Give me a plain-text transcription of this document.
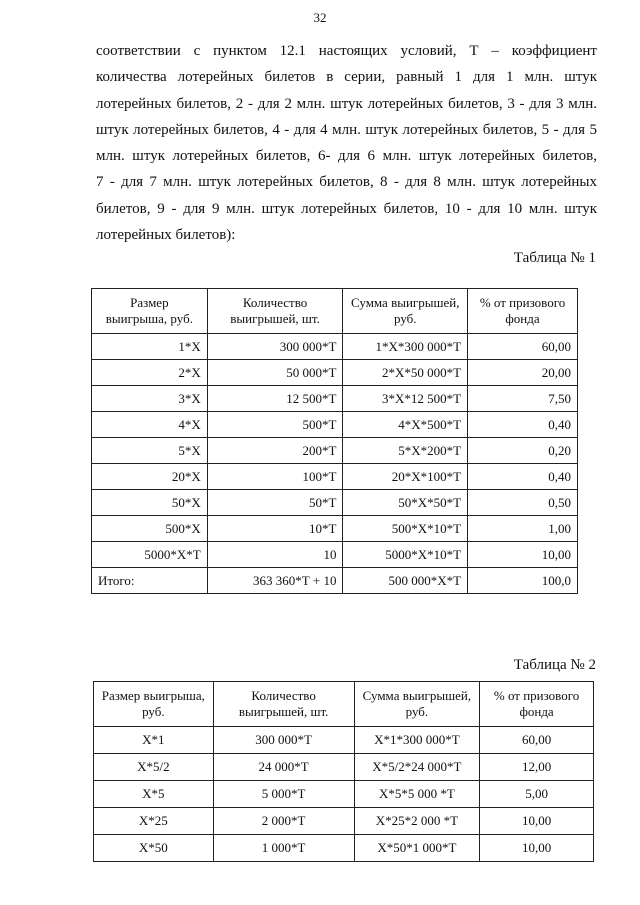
32

соответствии с пунктом 12.1 настоящих условий, Т – коэффициент
количества лотерейных билетов в серии, равный 1 для 1 млн. штук
лотерейных билетов, 2 - для 2 млн. штук лотерейных билетов, 3 - для 3 млн.
штук лотерейных билетов, 4 - для 4 млн. штук лотерейных билетов, 5 - для 5
млн. штук лотерейных билетов, 6- для 6 млн. штук лотерейных билетов,
7 - для 7 млн. штук лотерейных билетов, 8 - для 8 млн. штук лотерейных
билетов, 9 - для 9 млн. штук лотерейных билетов, 10 - для 10 млн. штук
лотерейных билетов):

Таблица № 1
Размер выигрыша, руб.	Количество выигрышей, шт.	Сумма выигрышей, руб.	% от призового фонда
1*Х	300 000*Т	1*Х*300 000*Т	60,00
2*Х	50 000*Т	2*Х*50 000*Т	20,00
3*Х	12 500*Т	3*Х*12 500*Т	7,50
4*Х	500*Т	4*Х*500*Т	0,40
5*Х	200*Т	5*Х*200*Т	0,20
20*Х	100*Т	20*Х*100*Т	0,40
50*Х	50*Т	50*Х*50*Т	0,50
500*Х	10*Т	500*Х*10*Т	1,00
5000*Х*Т	10	5000*Х*10*Т	10,00
Итого:	363 360*Т + 10	500 000*Х*Т	100,0
Таблица № 2
Размер выигрыша, руб.	Количество выигрышей, шт.	Сумма выигрышей, руб.	% от призового фонда
Х*1	300 000*Т	Х*1*300 000*Т	60,00
Х*5/2	24 000*Т	Х*5/2*24 000*Т	12,00
Х*5	5 000*Т	Х*5*5 000 *Т	5,00
Х*25	2 000*Т	Х*25*2 000 *Т	10,00
Х*50	1 000*Т	Х*50*1 000*Т	10,00
